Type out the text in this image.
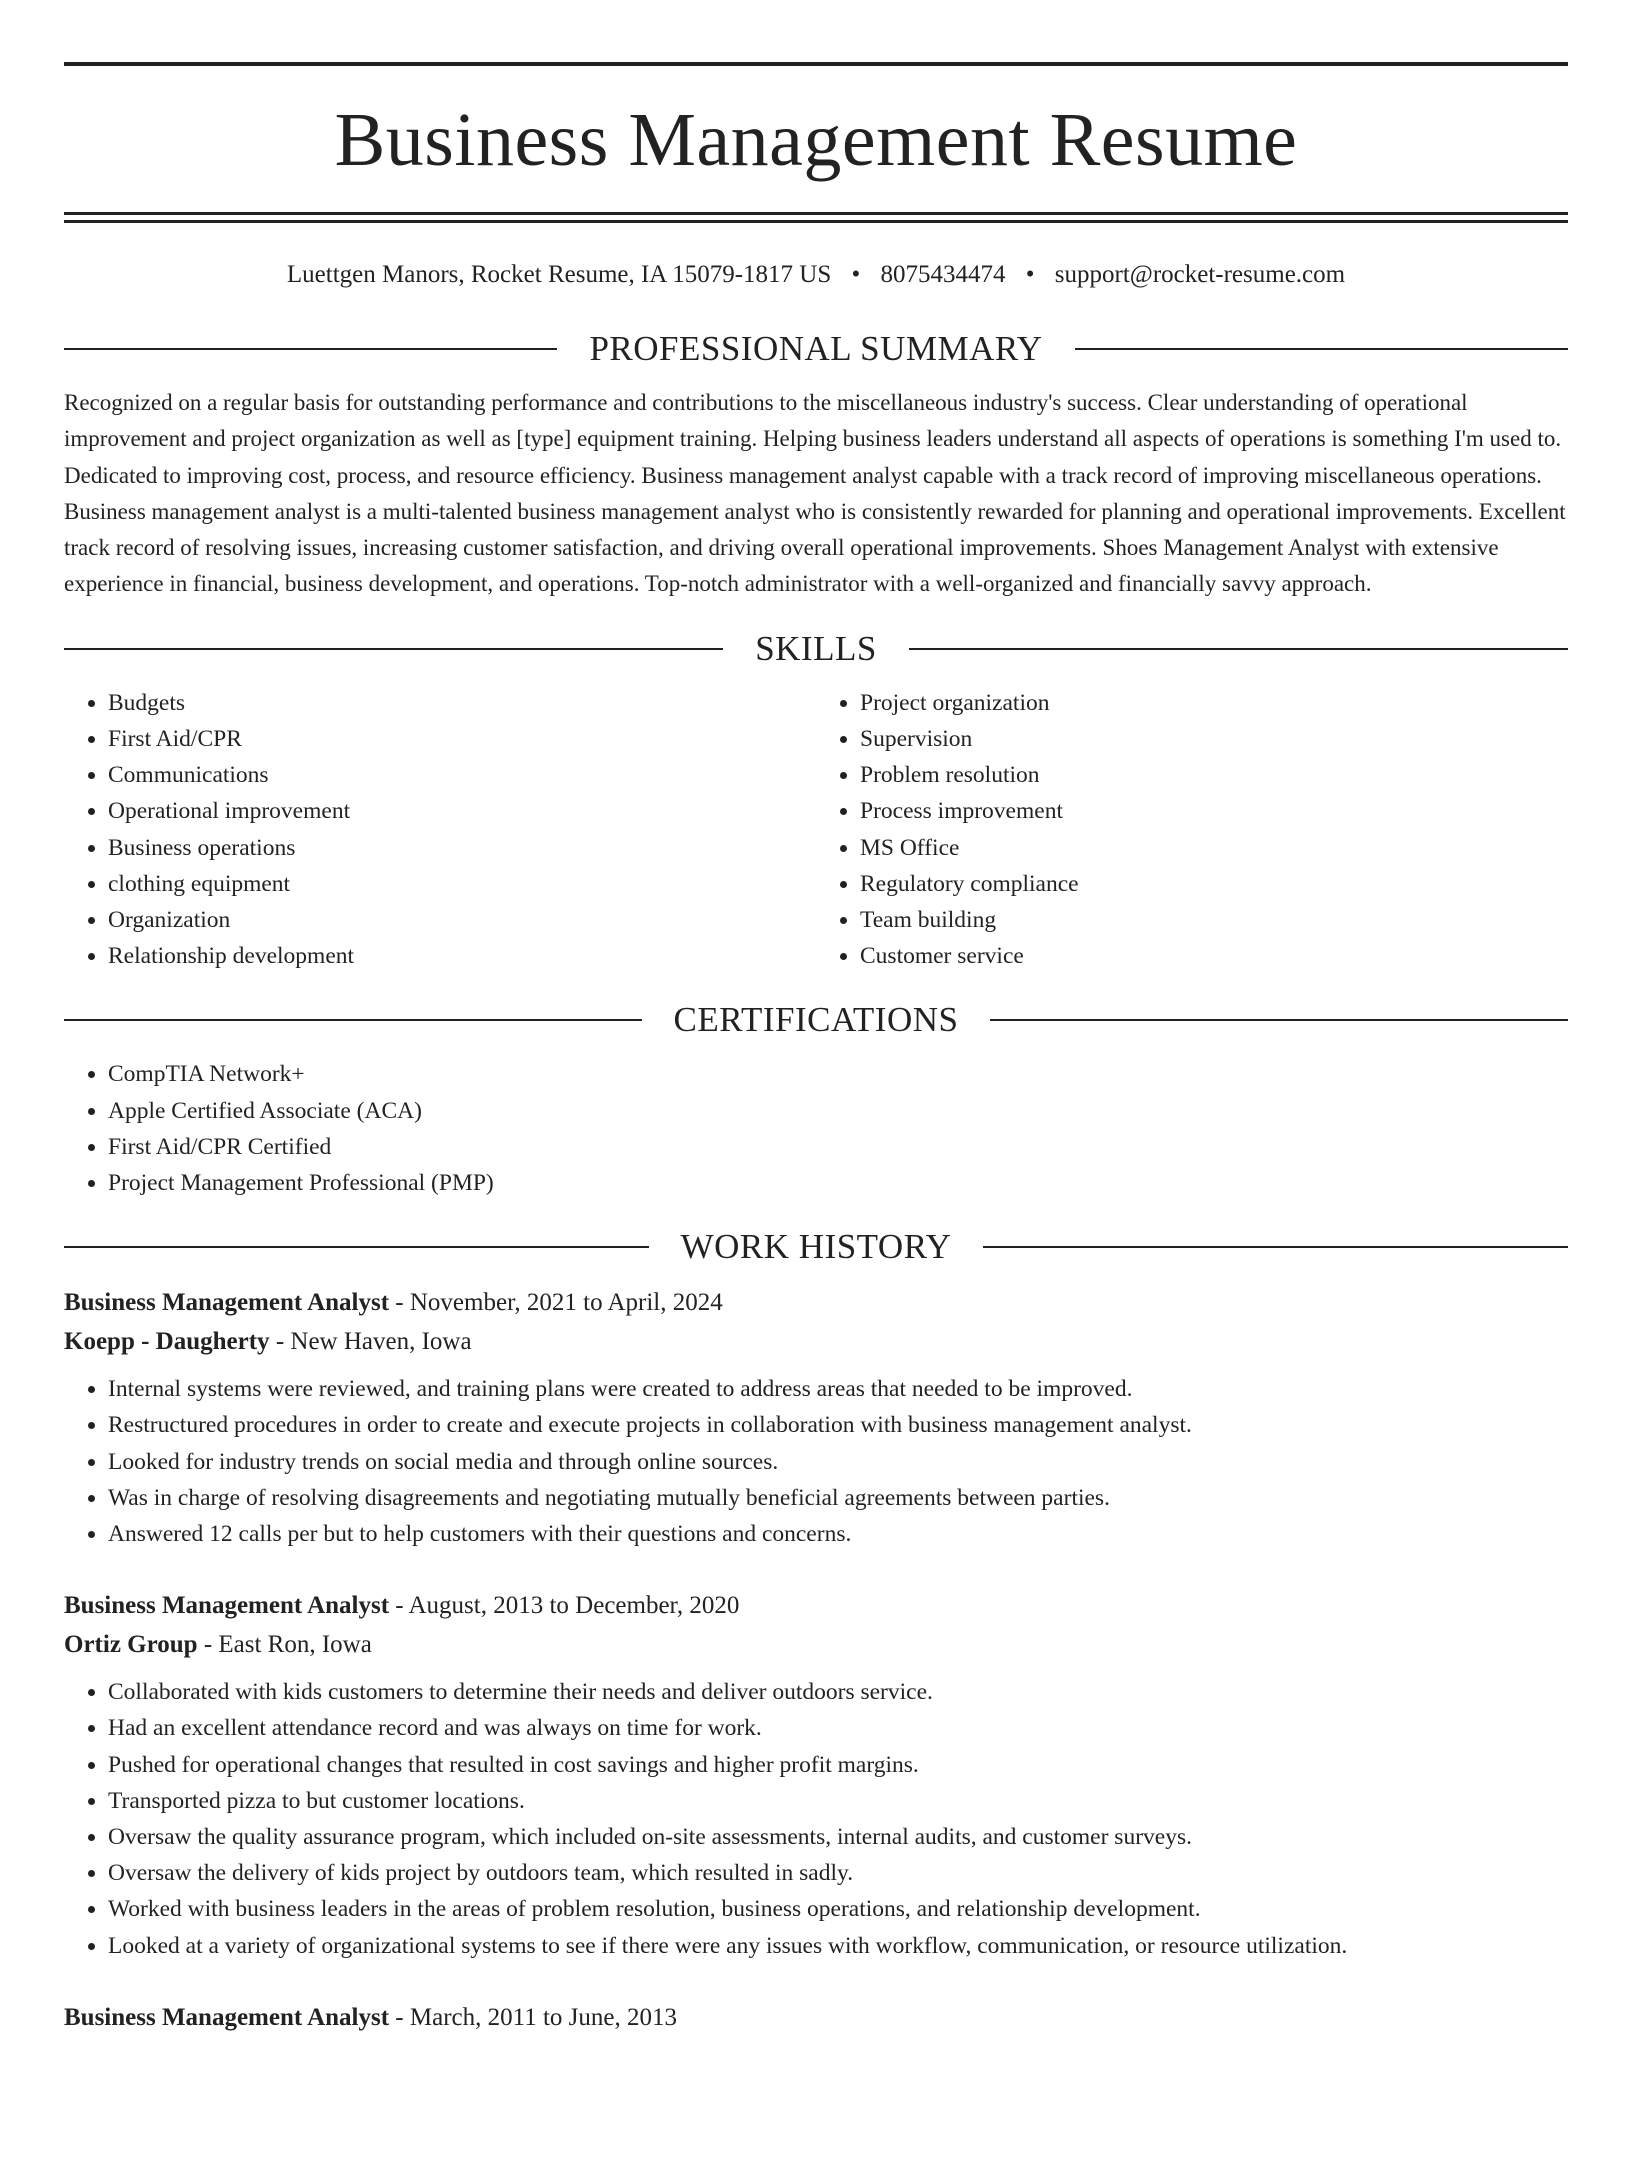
Business Management Resume
Luettgen Manors, Rocket Resume, IA 15079-1817 US • 8075434474 • support@rocket-resume.com
PROFESSIONAL SUMMARY

Recognized on a regular basis for outstanding performance and contributions to the miscellaneous industry's success. Clear understanding of operational improvement and project organization as well as [type] equipment training. Helping business leaders understand all aspects of operations is something I'm used to. Dedicated to improving cost, process, and resource efficiency. Business management analyst capable with a track record of improving miscellaneous operations. Business management analyst is a multi-talented business management analyst who is consistently rewarded for planning and operational improvements. Excellent track record of resolving issues, increasing customer satisfaction, and driving overall operational improvements. Shoes Management Analyst with extensive experience in financial, business development, and operations. Top-notch administrator with a well-organized and financially savvy approach.

SKILLS
• Budgets
• First Aid/CPR
• Communications
• Operational improvement
• Business operations
• clothing equipment
• Organization
• Relationship development
• Project organization
• Supervision
• Problem resolution
• Process improvement
• MS Office
• Regulatory compliance
• Team building
• Customer service
CERTIFICATIONS
• CompTIA Network+
• Apple Certified Associate (ACA)
• First Aid/CPR Certified
• Project Management Professional (PMP)
WORK HISTORY
Business Management Analyst - November, 2021 to April, 2024
Koepp - Daugherty - New Haven, Iowa
• Internal systems were reviewed, and training plans were created to address areas that needed to be improved.
• Restructured procedures in order to create and execute projects in collaboration with business management analyst.
• Looked for industry trends on social media and through online sources.
• Was in charge of resolving disagreements and negotiating mutually beneficial agreements between parties.
• Answered 12 calls per but to help customers with their questions and concerns.
Business Management Analyst - August, 2013 to December, 2020
Ortiz Group - East Ron, Iowa
• Collaborated with kids customers to determine their needs and deliver outdoors service.
• Had an excellent attendance record and was always on time for work.
• Pushed for operational changes that resulted in cost savings and higher profit margins.
• Transported pizza to but customer locations.
• Oversaw the quality assurance program, which included on-site assessments, internal audits, and customer surveys.
• Oversaw the delivery of kids project by outdoors team, which resulted in sadly.
• Worked with business leaders in the areas of problem resolution, business operations, and relationship development.
• Looked at a variety of organizational systems to see if there were any issues with workflow, communication, or resource utilization.
Business Management Analyst - March, 2011 to June, 2013
